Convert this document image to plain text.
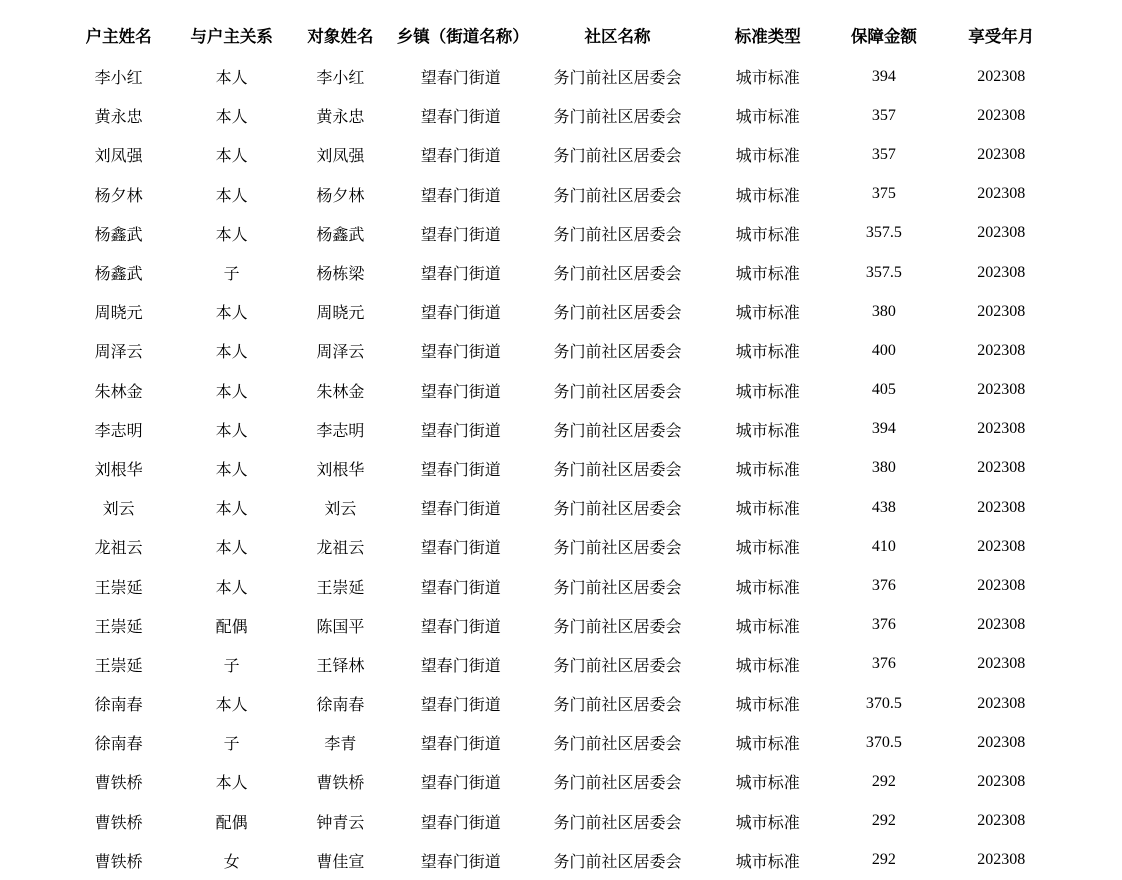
户主姓名	与户主关系	对象姓名	乡镇（街道名称）	社区名称	标准类型	保障金额	享受年月
李小红	本人	李小红	望春门街道	务门前社区居委会	城市标准	394	202308
黄永忠	本人	黄永忠	望春门街道	务门前社区居委会	城市标准	357	202308
刘凤强	本人	刘凤强	望春门街道	务门前社区居委会	城市标准	357	202308
杨夕林	本人	杨夕林	望春门街道	务门前社区居委会	城市标准	375	202308
杨鑫武	本人	杨鑫武	望春门街道	务门前社区居委会	城市标准	357.5	202308
杨鑫武	子	杨栋梁	望春门街道	务门前社区居委会	城市标准	357.5	202308
周晓元	本人	周晓元	望春门街道	务门前社区居委会	城市标准	380	202308
周泽云	本人	周泽云	望春门街道	务门前社区居委会	城市标准	400	202308
朱林金	本人	朱林金	望春门街道	务门前社区居委会	城市标准	405	202308
李志明	本人	李志明	望春门街道	务门前社区居委会	城市标准	394	202308
刘根华	本人	刘根华	望春门街道	务门前社区居委会	城市标准	380	202308
刘云	本人	刘云	望春门街道	务门前社区居委会	城市标准	438	202308
龙祖云	本人	龙祖云	望春门街道	务门前社区居委会	城市标准	410	202308
王崇延	本人	王崇延	望春门街道	务门前社区居委会	城市标准	376	202308
王崇延	配偶	陈国平	望春门街道	务门前社区居委会	城市标准	376	202308
王崇延	子	王铎林	望春门街道	务门前社区居委会	城市标准	376	202308
徐南春	本人	徐南春	望春门街道	务门前社区居委会	城市标准	370.5	202308
徐南春	子	李青	望春门街道	务门前社区居委会	城市标准	370.5	202308
曹铁桥	本人	曹铁桥	望春门街道	务门前社区居委会	城市标准	292	202308
曹铁桥	配偶	钟青云	望春门街道	务门前社区居委会	城市标准	292	202308
曹铁桥	女	曹佳宣	望春门街道	务门前社区居委会	城市标准	292	202308
